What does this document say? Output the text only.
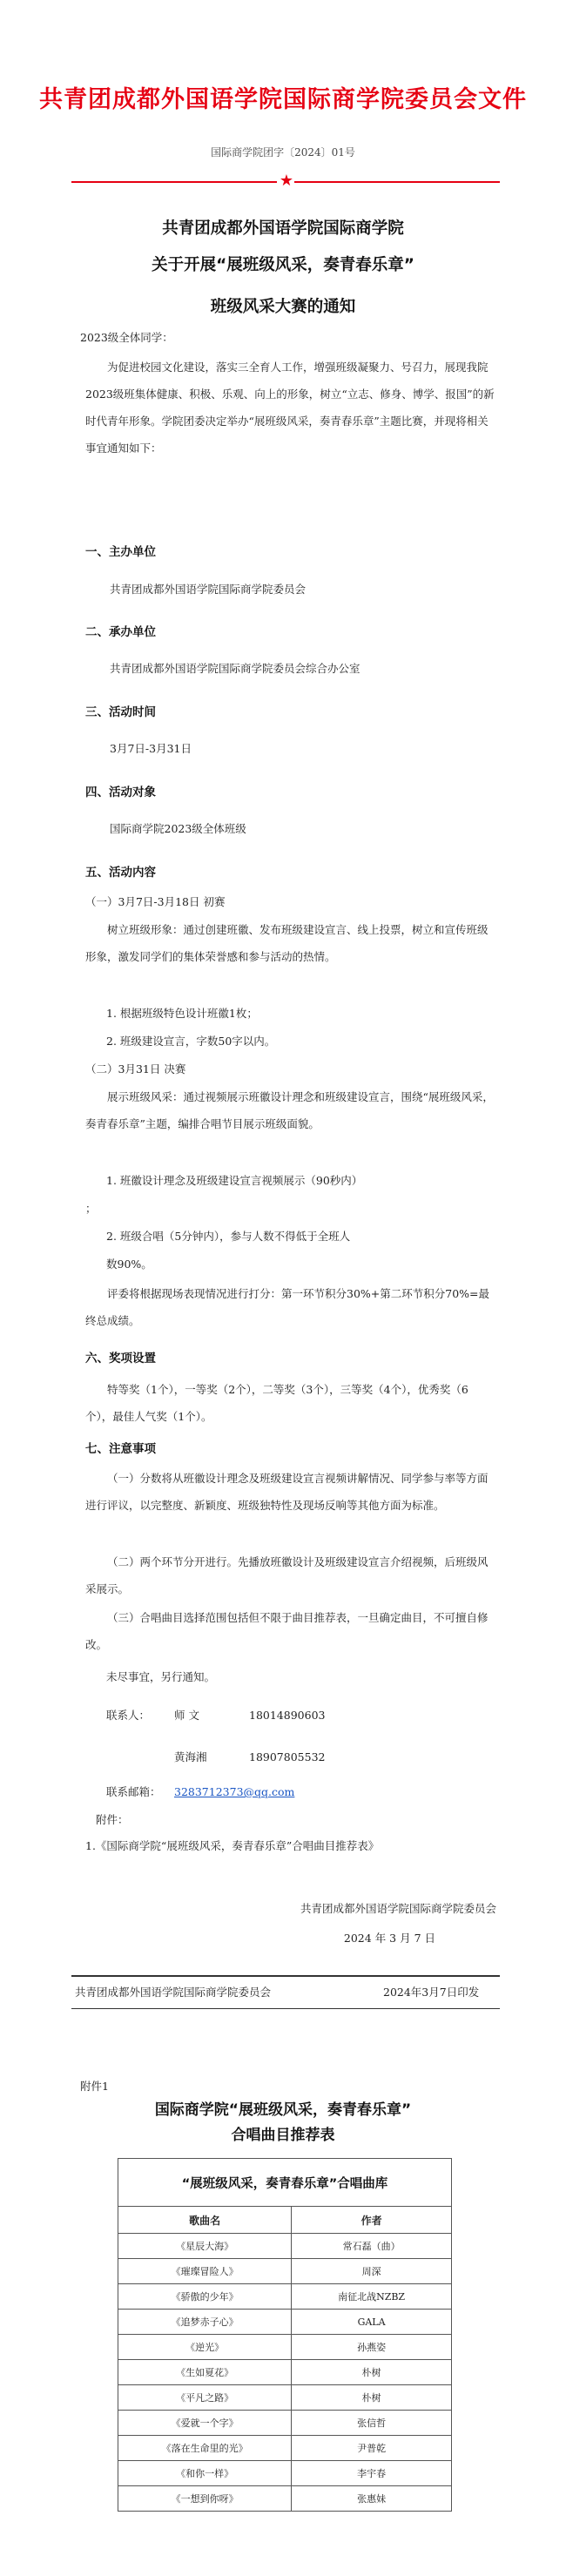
共青团成都外国语学院国际商学院委员会文件
国际商学院团字〔2024〕01号
★
共青团成都外国语学院国际商学院
关于开展“展班级风采，奏青春乐章”
班级风采大赛的通知
2023级全体同学：
为促进校园文化建设，落实三全育人工作，增强班级凝聚力、号召力，展现我院2023级班集体健康、积极、乐观、向上的形象，树立“立志、修身、博学、报国”的新时代青年形象。学院团委决定举办“展班级风采，奏青春乐章”主题比赛，并现将相关事宜通知如下：
一、主办单位
共青团成都外国语学院国际商学院委员会
二、承办单位
共青团成都外国语学院国际商学院委员会综合办公室
三、活动时间
3月7日-3月31日
四、活动对象
国际商学院2023级全体班级
五、活动内容
（一）3月7日-3月18日 初赛
树立班级形象：通过创建班徽、发布班级建设宣言、线上投票，树立和宣传班级形象，激发同学们的集体荣誉感和参与活动的热情。
1. 根据班级特色设计班徽1枚；
2. 班级建设宣言，字数50字以内。
（二）3月31日 决赛
展示班级风采：通过视频展示班徽设计理念和班级建设宣言，围绕“展班级风采，奏青春乐章”主题，编排合唱节目展示班级面貌。
1. 班徽设计理念及班级建设宣言视频展示（90秒内）
；
2. 班级合唱（5分钟内），参与人数不得低于全班人
数90%。
评委将根据现场表现情况进行打分：第一环节积分30%+第二环节积分70%=最终总成绩。
六、奖项设置
特等奖（1个），一等奖（2个），二等奖（3个），三等奖（4个），优秀奖（6个），最佳人气奖（1个）。
七、注意事项
（一）分数将从班徽设计理念及班级建设宣言视频讲解情况、同学参与率等方面进行评议，以完整度、新颖度、班级独特性及现场反响等其他方面为标准。
（二）两个环节分开进行。先播放班徽设计及班级建设宣言介绍视频，后班级风采展示。
（三）合唱曲目选择范围包括但不限于曲目推荐表，一旦确定曲目，不可擅自修改。
未尽事宜，另行通知。
联系人：	师 文	18014890603
黄海湘	18907805532
联系邮箱：	3283712373@qq.com
附件：
1.《国际商学院“展班级风采，奏青春乐章”合唱曲目推荐表》
共青团成都外国语学院国际商学院委员会
2024 年 3 月 7 日
共青团成都外国语学院国际商学院委员会	2024年3月7日印发
附件1
国际商学院“展班级风采，奏青春乐章”
合唱曲目推荐表
“展班级风采，奏青春乐章”合唱曲库	
歌曲名	作者
《星辰大海》	常石磊（曲）
《璀璨冒险人》	周深
《骄傲的少年》	南征北战NZBZ
《追梦赤子心》	GALA
《逆光》	孙燕姿
《生如夏花》	朴树
《平凡之路》	朴树
《爱就一个字》	张信哲
《落在生命里的光》	尹普乾
《和你一样》	李宇春
《一想到你呀》	张惠妹
